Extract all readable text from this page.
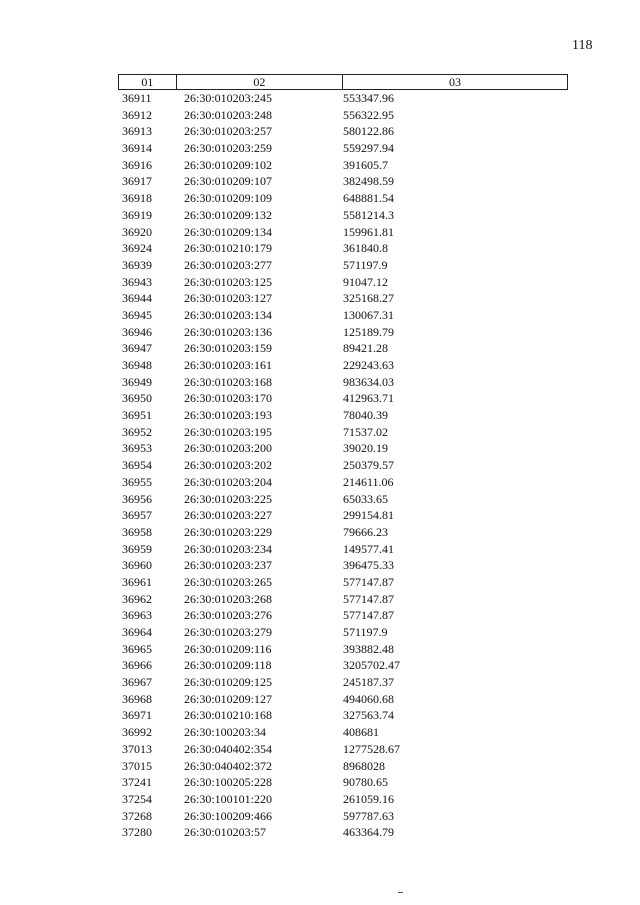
118
01	02	03
36911	26:30:010203:245	553347.96
36912	26:30:010203:248	556322.95
36913	26:30:010203:257	580122.86
36914	26:30:010203:259	559297.94
36916	26:30:010209:102	391605.7
36917	26:30:010209:107	382498.59
36918	26:30:010209:109	648881.54
36919	26:30:010209:132	5581214.3
36920	26:30:010209:134	159961.81
36924	26:30:010210:179	361840.8
36939	26:30:010203:277	571197.9
36943	26:30:010203:125	91047.12
36944	26:30:010203:127	325168.27
36945	26:30:010203:134	130067.31
36946	26:30:010203:136	125189.79
36947	26:30:010203:159	89421.28
36948	26:30:010203:161	229243.63
36949	26:30:010203:168	983634.03
36950	26:30:010203:170	412963.71
36951	26:30:010203:193	78040.39
36952	26:30:010203:195	71537.02
36953	26:30:010203:200	39020.19
36954	26:30:010203:202	250379.57
36955	26:30:010203:204	214611.06
36956	26:30:010203:225	65033.65
36957	26:30:010203:227	299154.81
36958	26:30:010203:229	79666.23
36959	26:30:010203:234	149577.41
36960	26:30:010203:237	396475.33
36961	26:30:010203:265	577147.87
36962	26:30:010203:268	577147.87
36963	26:30:010203:276	577147.87
36964	26:30:010203:279	571197.9
36965	26:30:010209:116	393882.48
36966	26:30:010209:118	3205702.47
36967	26:30:010209:125	245187.37
36968	26:30:010209:127	494060.68
36971	26:30:010210:168	327563.74
36992	26:30:100203:34	408681
37013	26:30:040402:354	1277528.67
37015	26:30:040402:372	8968028
37241	26:30:100205:228	90780.65
37254	26:30:100101:220	261059.16
37268	26:30:100209:466	597787.63
37280	26:30:010203:57	463364.79
